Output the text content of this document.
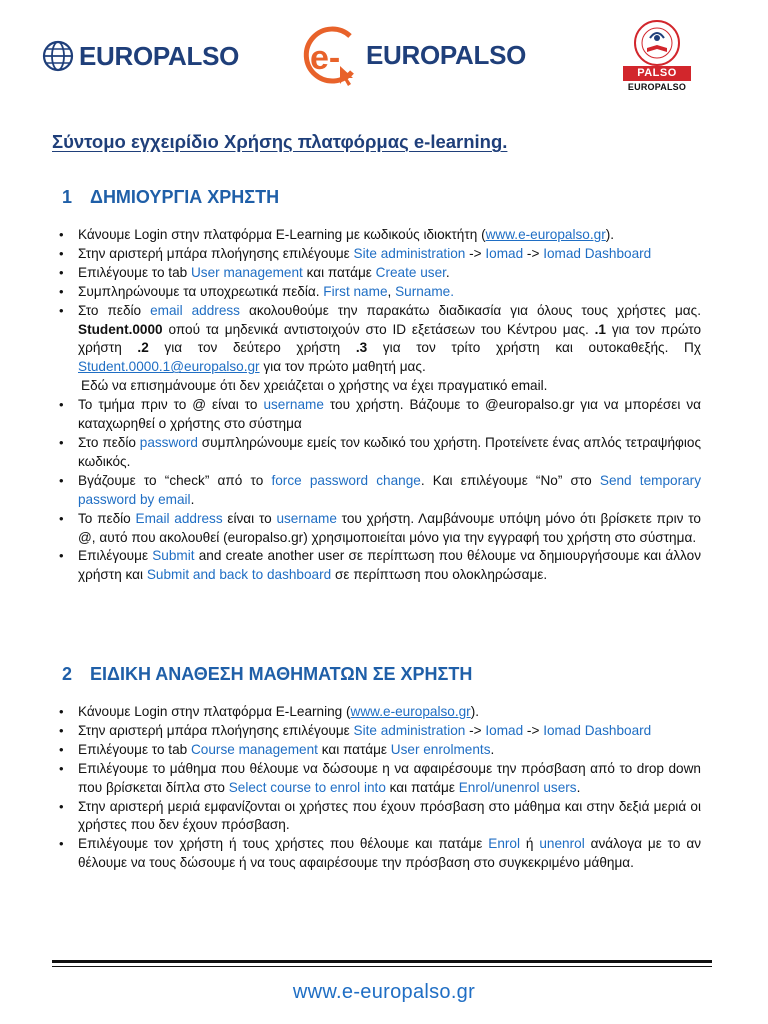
EUROPALSO e- EUROPALSO
PALSO
EUROPALSO
Σύντομο εγχειρίδιο Χρήσης πλατφόρμας e-learning.
1 ΔΗΜΙΟΥΡΓΙΑ ΧΡΗΣΤΗ
• Κάνουμε Login στην πλατφόρμα E-Learning με κωδικούς ιδιοκτήτη (www.e-europalso.gr).
• Στην αριστερή μπάρα πλοήγησης επιλέγουμε Site administration -> Iomad -> Iomad Dashboard
• Επιλέγουμε το tab User management και πατάμε Create user.
• Συμπληρώνουμε τα υποχρεωτικά πεδία. First name, Surname.
• Στο πεδίο email address ακολουθούμε την παρακάτω διαδικασία για όλους τους χρήστες μας. Student.0000 οπού τα μηδενικά αντιστοιχούν στο ID εξετάσεων του Κέντρου μας. .1 για τον πρώτο χρήστη .2 για τον δεύτερο χρήστη .3 για τον τρίτο χρήστη και ουτοκαθεξής. Πχ Student.0000.1@europalso.gr για τον πρώτο μαθητή μας.
Εδώ να επισημάνουμε ότι δεν χρειάζεται ο χρήστης να έχει πραγματικό email.
• Το τμήμα πριν το @ είναι το username του χρήστη. Βάζουμε το @europalso.gr για να μπορέσει να καταχωρηθεί ο χρήστης στο σύστημα
• Στο πεδίο password συμπληρώνουμε εμείς τον κωδικό του χρήστη. Προτείνετε ένας απλός τετραψήφιος κωδικός.
• Βγάζουμε το “check” από το force password change. Και επιλέγουμε “No” στο Send temporary password by email.
• Το πεδίο Email address είναι το username του χρήστη. Λαμβάνουμε υπόψη μόνο ότι βρίσκετε πριν το @, αυτό που ακολουθεί (europalso.gr) χρησιμοποιείται μόνο για την εγγραφή του χρήστη στο σύστημα.
• Επιλέγουμε Submit and create another user σε περίπτωση που θέλουμε να δημιουργήσουμε και άλλον χρήστη και Submit and back to dashboard σε περίπτωση που ολοκληρώσαμε.
2 ΕΙΔΙΚΗ ΑΝΑΘΕΣΗ ΜΑΘΗΜΑΤΩΝ ΣΕ ΧΡΗΣΤΗ
• Κάνουμε Login στην πλατφόρμα E-Learning (www.e-europalso.gr).
• Στην αριστερή μπάρα πλοήγησης επιλέγουμε Site administration -> Iomad -> Iomad Dashboard
• Επιλέγουμε το tab Course management και πατάμε User enrolments.
• Επιλέγουμε το μάθημα που θέλουμε να δώσουμε η να αφαιρέσουμε την πρόσβαση από το drop down που βρίσκεται δίπλα στο Select course to enrol into και πατάμε Enrol/unenrol users.
• Στην αριστερή μεριά εμφανίζονται οι χρήστες που έχουν πρόσβαση στο μάθημα και στην δεξιά μεριά οι χρήστες που δεν έχουν πρόσβαση.
• Επιλέγουμε τον χρήστη ή τους χρήστες που θέλουμε και πατάμε Enrol ή unenrol ανάλογα με το αν θέλουμε να τους δώσουμε ή να τους αφαιρέσουμε την πρόσβαση στο συγκεκριμένο μάθημα.
www.e-europalso.gr
